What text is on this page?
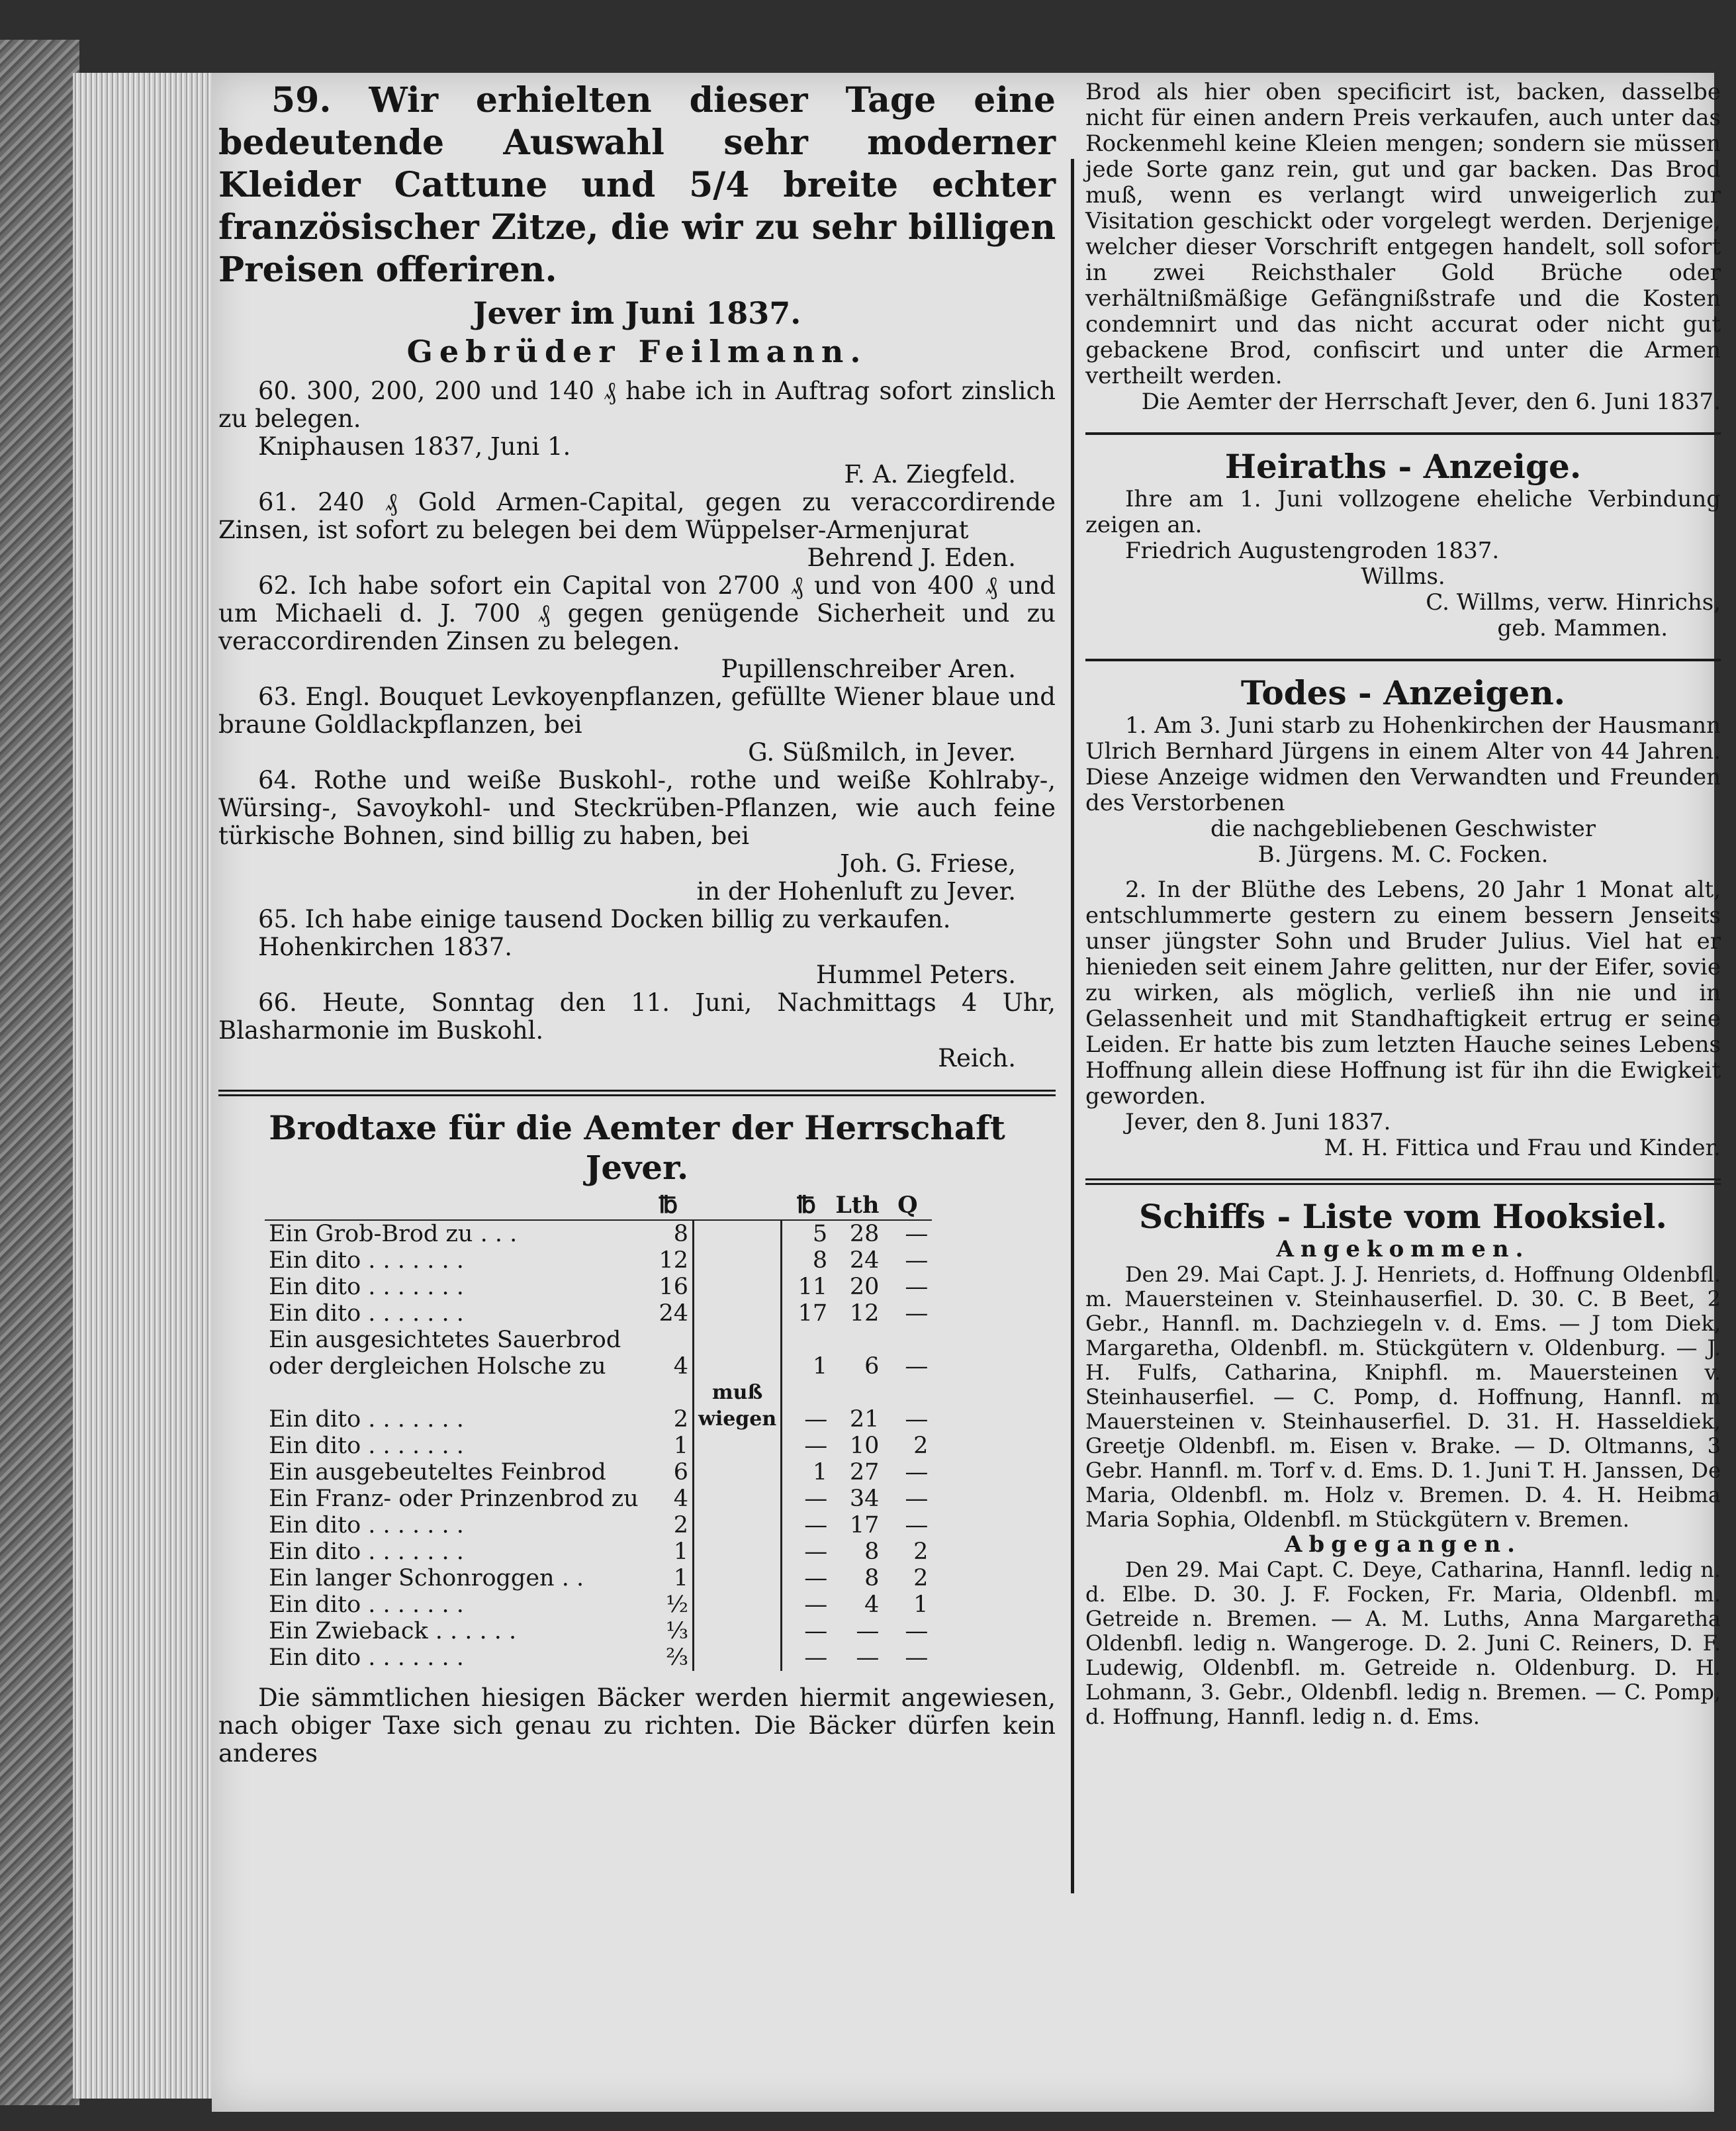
59. Wir erhielten dieser Tage eine bedeutende Auswahl sehr moderner Kleider Cattune und 5/4 breite echter französischer Zitze, die wir zu sehr billigen Preisen offeriren.

Jever im Juni 1837.

Gebrüder Feilmann.

60. 300, 200, 200 und 140 ₰ habe ich in Auftrag sofort zinslich zu belegen.

Kniphausen 1837, Juni 1.

F. A. Ziegfeld.

61. 240 ₰ Gold Armen-Capital, gegen zu veraccordirende Zinsen, ist sofort zu belegen bei dem Wüppelser-Armenjurat

Behrend J. Eden.

62. Ich habe sofort ein Capital von 2700 ₰ und von 400 ₰ und um Michaeli d. J. 700 ₰ gegen genügende Sicherheit und zu veraccordirenden Zinsen zu belegen.

Pupillenschreiber Aren.

63. Engl. Bouquet Levkoyenpflanzen, gefüllte Wiener blaue und braune Goldlackpflanzen, bei

G. Süßmilch, in Jever.

64. Rothe und weiße Buskohl-, rothe und weiße Kohlraby-, Würsing-, Savoykohl- und Steckrüben-Pflanzen, wie auch feine türkische Bohnen, sind billig zu haben, bei

Joh. G. Friese,

in der Hohenluft zu Jever.

65. Ich habe einige tausend Docken billig zu verkaufen.

Hohenkirchen 1837.

Hummel Peters.

66. Heute, Sonntag den 11. Juni, Nachmittags 4 Uhr, Blasharmonie im Buskohl.

Reich.

Brodtaxe für die Aemter der Herrschaft

Jever.

	℔		℔	Lth	Q
Ein Grob-Brod zu . . .	8		5	28	—
Ein dito . . . . . . .	12		8	24	—
Ein dito . . . . . . .	16		11	20	—
Ein dito . . . . . . .	24		17	12	—
Ein ausgesichtetes Sauerbrod					
oder dergleichen Holsche zu	4		1	6	—
Ein dito . . . . . . .	2	muß wiegen	—	21	—
Ein dito . . . . . . .	1		—	10	2
Ein ausgebeuteltes Feinbrod	6		1	27	—
Ein Franz- oder Prinzenbrod zu	4		—	34	—
Ein dito . . . . . . .	2		—	17	—
Ein dito . . . . . . .	1		—	8	2
Ein langer Schonroggen . .	1		—	8	2
Ein dito . . . . . . .	½		—	4	1
Ein Zwieback . . . . . .	⅓		—	—	—
Ein dito . . . . . . .	⅔		—	—	—

Die sämmtlichen hiesigen Bäcker werden hiermit angewiesen, nach obiger Taxe sich genau zu richten. Die Bäcker dürfen kein anderes

Brod als hier oben specificirt ist, backen, dasselbe nicht für einen andern Preis verkaufen, auch unter das Rockenmehl keine Kleien mengen; sondern sie müssen jede Sorte ganz rein, gut und gar backen. Das Brod muß, wenn es verlangt wird unweigerlich zur Visitation geschickt oder vorgelegt werden. Derjenige, welcher dieser Vorschrift entgegen handelt, soll sofort in zwei Reichsthaler Gold Brüche oder verhältnißmäßige Gefängnißstrafe und die Kosten condemnirt und das nicht accurat oder nicht gut gebackene Brod, confiscirt und unter die Armen vertheilt werden.

Die Aemter der Herrschaft Jever, den 6. Juni 1837.

Heiraths - Anzeige.

Ihre am 1. Juni vollzogene eheliche Verbindung zeigen an.

Friedrich Augustengroden 1837.

Willms.

C. Willms, verw. Hinrichs,

geb. Mammen.

Todes - Anzeigen.

1. Am 3. Juni starb zu Hohenkirchen der Hausmann Ulrich Bernhard Jürgens in einem Alter von 44 Jahren. Diese Anzeige widmen den Verwandten und Freunden des Verstorbenen

die nachgebliebenen Geschwister

B. Jürgens. M. C. Focken.

2. In der Blüthe des Lebens, 20 Jahr 1 Monat alt, entschlummerte gestern zu einem bessern Jenseits unser jüngster Sohn und Bruder Julius. Viel hat er hienieden seit einem Jahre gelitten, nur der Eifer, sovie zu wirken, als möglich, verließ ihn nie und in Gelassenheit und mit Standhaftigkeit ertrug er seine Leiden. Er hatte bis zum letzten Hauche seines Lebens Hoffnung allein diese Hoffnung ist für ihn die Ewigkeit geworden.

Jever, den 8. Juni 1837.

M. H. Fittica und Frau und Kinder.

Schiffs - Liste vom Hooksiel.

Angekommen.

Den 29. Mai Capt. J. J. Henriets, d. Hoffnung Oldenbfl. m. Mauersteinen v. Steinhauserfiel. D. 30. C. B Beet, 2 Gebr., Hannfl. m. Dachziegeln v. d. Ems. — J tom Diek, Margaretha, Oldenbfl. m. Stückgütern v. Oldenburg. — J. H. Fulfs, Catharina, Kniphfl. m. Mauersteinen v. Steinhauserfiel. — C. Pomp, d. Hoffnung, Hannfl. m Mauersteinen v. Steinhauserfiel. D. 31. H. Hasseldiek, Greetje Oldenbfl. m. Eisen v. Brake. — D. Oltmanns, 3 Gebr. Hannfl. m. Torf v. d. Ems. D. 1. Juni T. H. Janssen, De Maria, Oldenbfl. m. Holz v. Bremen. D. 4. H. Heibma Maria Sophia, Oldenbfl. m Stückgütern v. Bremen.

Abgegangen.

Den 29. Mai Capt. C. Deye, Catharina, Hannfl. ledig n. d. Elbe. D. 30. J. F. Focken, Fr. Maria, Oldenbfl. m. Getreide n. Bremen. — A. M. Luths, Anna Margaretha Oldenbfl. ledig n. Wangeroge. D. 2. Juni C. Reiners, D. F. Ludewig, Oldenbfl. m. Getreide n. Oldenburg. D. H. Lohmann, 3. Gebr., Oldenbfl. ledig n. Bremen. — C. Pomp, d. Hoffnung, Hannfl. ledig n. d. Ems.
